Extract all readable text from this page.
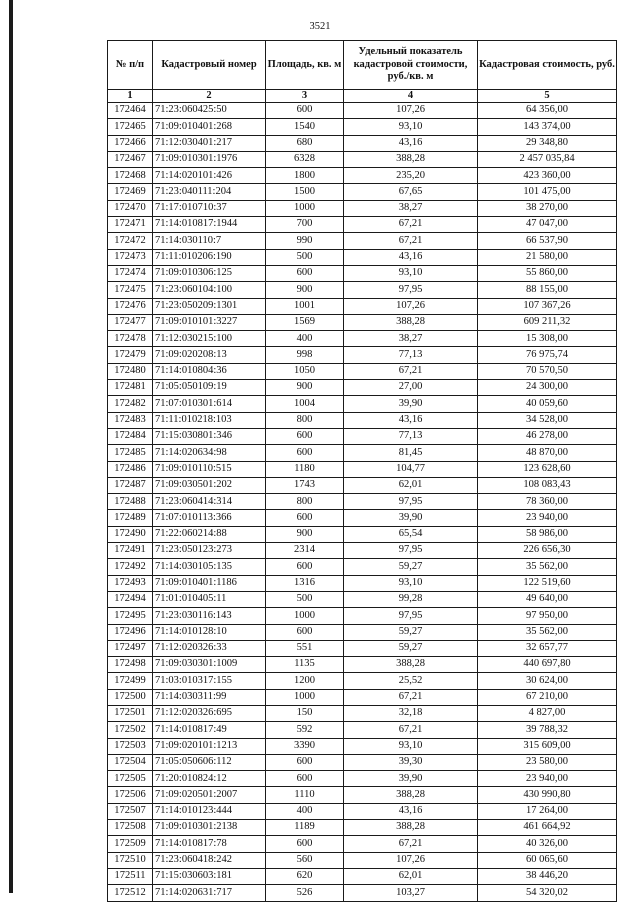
3521
№ п/п	Кадастровый номер	Площадь, кв. м	Удельный показатель кадастровой стоимости, руб./кв. м	Кадастровая стоимость, руб.
1	2	3	4	5
172464	71:23:060425:50	600	107,26	64 356,00
172465	71:09:010401:268	1540	93,10	143 374,00
172466	71:12:030401:217	680	43,16	29 348,80
172467	71:09:010301:1976	6328	388,28	2 457 035,84
172468	71:14:020101:426	1800	235,20	423 360,00
172469	71:23:040111:204	1500	67,65	101 475,00
172470	71:17:010710:37	1000	38,27	38 270,00
172471	71:14:010817:1944	700	67,21	47 047,00
172472	71:14:030110:7	990	67,21	66 537,90
172473	71:11:010206:190	500	43,16	21 580,00
172474	71:09:010306:125	600	93,10	55 860,00
172475	71:23:060104:100	900	97,95	88 155,00
172476	71:23:050209:1301	1001	107,26	107 367,26
172477	71:09:010101:3227	1569	388,28	609 211,32
172478	71:12:030215:100	400	38,27	15 308,00
172479	71:09:020208:13	998	77,13	76 975,74
172480	71:14:010804:36	1050	67,21	70 570,50
172481	71:05:050109:19	900	27,00	24 300,00
172482	71:07:010301:614	1004	39,90	40 059,60
172483	71:11:010218:103	800	43,16	34 528,00
172484	71:15:030801:346	600	77,13	46 278,00
172485	71:14:020634:98	600	81,45	48 870,00
172486	71:09:010110:515	1180	104,77	123 628,60
172487	71:09:030501:202	1743	62,01	108 083,43
172488	71:23:060414:314	800	97,95	78 360,00
172489	71:07:010113:366	600	39,90	23 940,00
172490	71:22:060214:88	900	65,54	58 986,00
172491	71:23:050123:273	2314	97,95	226 656,30
172492	71:14:030105:135	600	59,27	35 562,00
172493	71:09:010401:1186	1316	93,10	122 519,60
172494	71:01:010405:11	500	99,28	49 640,00
172495	71:23:030116:143	1000	97,95	97 950,00
172496	71:14:010128:10	600	59,27	35 562,00
172497	71:12:020326:33	551	59,27	32 657,77
172498	71:09:030301:1009	1135	388,28	440 697,80
172499	71:03:010317:155	1200	25,52	30 624,00
172500	71:14:030311:99	1000	67,21	67 210,00
172501	71:12:020326:695	150	32,18	4 827,00
172502	71:14:010817:49	592	67,21	39 788,32
172503	71:09:020101:1213	3390	93,10	315 609,00
172504	71:05:050606:112	600	39,30	23 580,00
172505	71:20:010824:12	600	39,90	23 940,00
172506	71:09:020501:2007	1110	388,28	430 990,80
172507	71:14:010123:444	400	43,16	17 264,00
172508	71:09:010301:2138	1189	388,28	461 664,92
172509	71:14:010817:78	600	67,21	40 326,00
172510	71:23:060418:242	560	107,26	60 065,60
172511	71:15:030603:181	620	62,01	38 446,20
172512	71:14:020631:717	526	103,27	54 320,02
